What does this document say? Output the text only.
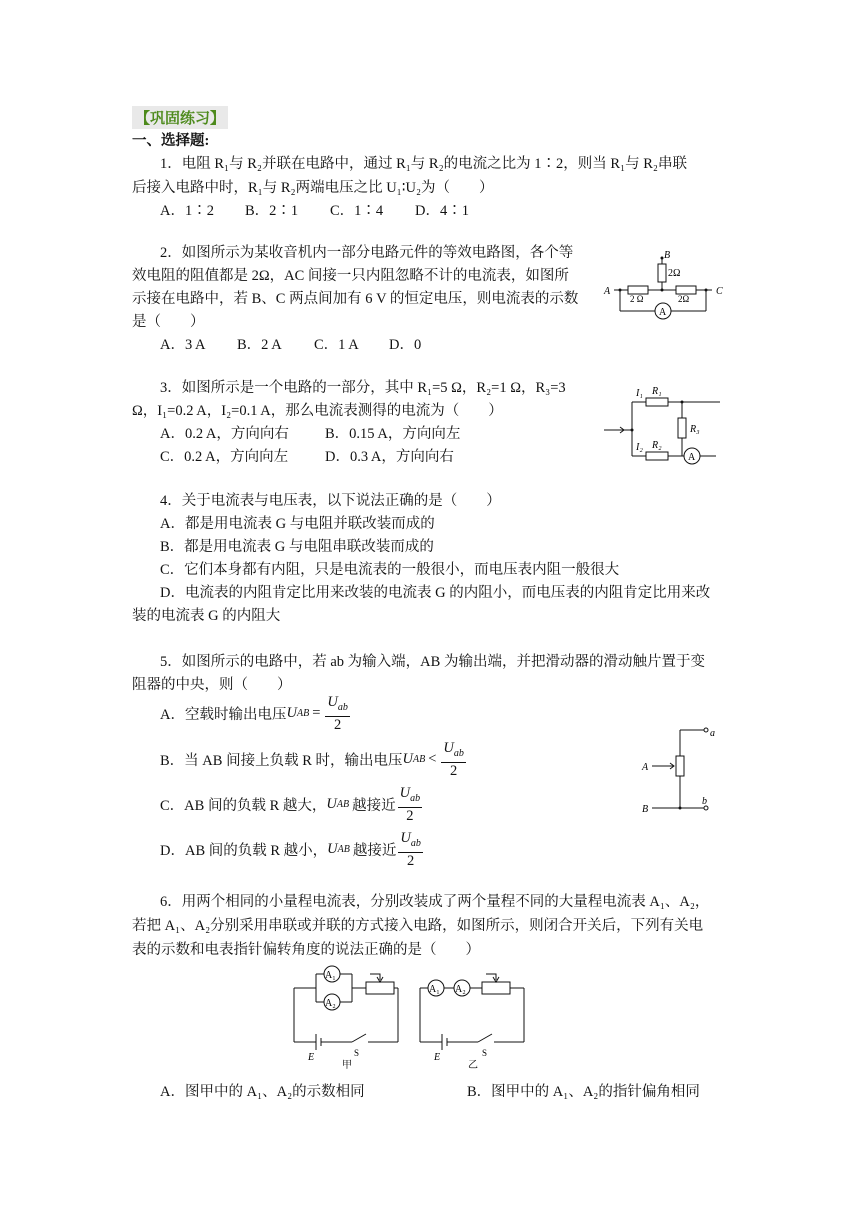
【巩固练习】
一、选择题:
1．电阻 R₁与 R₂并联在电路中，通过 R₁与 R₂的电流之比为 1∶2，则当 R₁与 R₂串联
后接入电路中时，R₁与 R₂两端电压之比 U₁∶U₂为（　　）
A．1∶2 B．2∶1 C．1∶4 D．4∶1
2．如图所示为某收音机内一部分电路元件的等效电路图，各个等
效电阻的阻值都是 2Ω，AC 间接一只内阻忽略不计的电流表，如图所
示接在电路中，若 B、C 两点间加有 6 V 的恒定电压，则电流表的示数
是（　　）
A．3 A B．2 A C．1 A D．0
A
B
C
2Ω
2 Ω	2Ω
A
3．如图所示是一个电路的一部分，其中 R₁=5 Ω，R₂=1 Ω，R₃=3
Ω，I₁=0.2 A，I₂=0.1 A，那么电流表测得的电流为（　　）
A．0.2 A，方向向右 B．0.15 A，方向向左
C．0.2 A，方向向左	D．0.3 A，方向向右
I₁ R₁
I₂ R₂
R₃
A
4．关于电流表与电压表，以下说法正确的是（　　）
A．都是用电流表 G 与电阻并联改装而成的
B．都是用电流表 G 与电阻串联改装而成的
C．它们本身都有内阻，只是电流表的一般很小，而电压表内阻一般很大
D．电流表的内阻肯定比用来改装的电流表 G 的内阻小，而电压表的内阻肯定比用来改
装的电流表 G 的内阻大
5．如图所示的电路中，若 ab 为输入端，AB 为输出端，并把滑动器的滑动触片置于变
阻器的中央，则（　　）
A．空载时输出电压 U AB = $\frac{U_{ab}}{2}$
B．当 AB 间接上负载 R 时，输出电压 U AB < $\frac{U_{ab}}{2}$
C．AB 间的负载 R 越大， U AB 越接近 $\frac{U_{ab}}{2}$
D．AB 间的负载 R 越小， U AB 越接近 $\frac{U_{ab}}{2}$
a
b
A
B
6．用两个相同的小量程电流表，分别改装成了两个量程不同的大量程电流表 A₁、A₂，
若把 A₁、A₂分别采用串联或并联的方式接入电路，如图所示，则闭合开关后，下列有关电
表的示数和电表指针偏转角度的说法正确的是（　　）
A₁
A₂
E	S
甲
A₁ A₂
E	S
乙
A．图甲中的 A₁、A₂的示数相同	B．图甲中的 A₁、A₂的指针偏角相同
